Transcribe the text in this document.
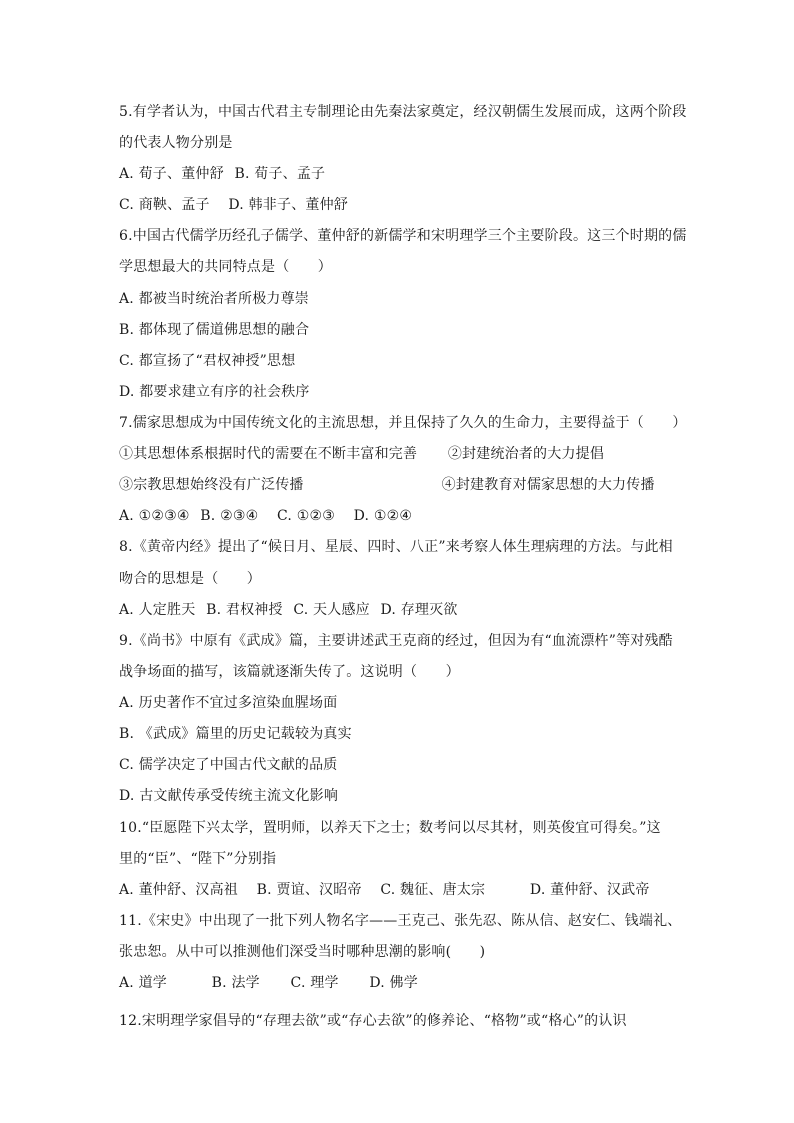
5.有学者认为，中国古代君主专制理论由先秦法家奠定，经汉朝儒生发展而成，这两个阶段
的代表人物分别是
A. 荀子、董仲舒 B. 荀子、孟子
C. 商鞅、孟子 D. 韩非子、董仲舒
6.中国古代儒学历经孔子儒学、董仲舒的新儒学和宋明理学三个主要阶段。这三个时期的儒
学思想最大的共同特点是（　　）
A. 都被当时统治者所极力尊崇
B. 都体现了儒道佛思想的融合
C. 都宣扬了“君权神授”思想
D. 都要求建立有序的社会秩序
7.儒家思想成为中国传统文化的主流思想，并且保持了久久的生命力，主要得益于（　　）
①其思想体系根据时代的需要在不断丰富和完善 ②封建统治者的大力提倡
③宗教思想始终没有广泛传播	④封建教育对儒家思想的大力传播
A. ①②③④ B. ②③④ C. ①②③ D. ①②④
8.《黄帝内经》提出了“候日月、星辰、四时、八正”来考察人体生理病理的方法。与此相
吻合的思想是（　　）
A. 人定胜天 B. 君权神授 C. 天人感应 D. 存理灭欲
9.《尚书》中原有《武成》篇，主要讲述武王克商的经过，但因为有“血流漂杵”等对残酷
战争场面的描写，该篇就逐渐失传了。这说明（　　）
A. 历史著作不宜过多渲染血腥场面
B. 《武成》篇里的历史记载较为真实
C. 儒学决定了中国古代文献的品质
D. 古文献传承受传统主流文化影响
10.“臣愿陛下兴太学，置明师，以养天下之士；数考问以尽其材，则英俊宜可得矣。”这
里的“臣”、“陛下”分别指
A. 董仲舒、汉高祖 B. 贾谊、汉昭帝 C. 魏征、唐太宗	D. 董仲舒、汉武帝
11.《宋史》中出现了一批下列人物名字——王克己、张先忍、陈从信、赵安仁、钱端礼、
张忠恕。从中可以推测他们深受当时哪种思潮的影响(　　)
A. 道学	B. 法学 C. 理学 D. 佛学
12.宋明理学家倡导的“存理去欲”或“存心去欲”的修养论、“格物”或“格心”的认识
